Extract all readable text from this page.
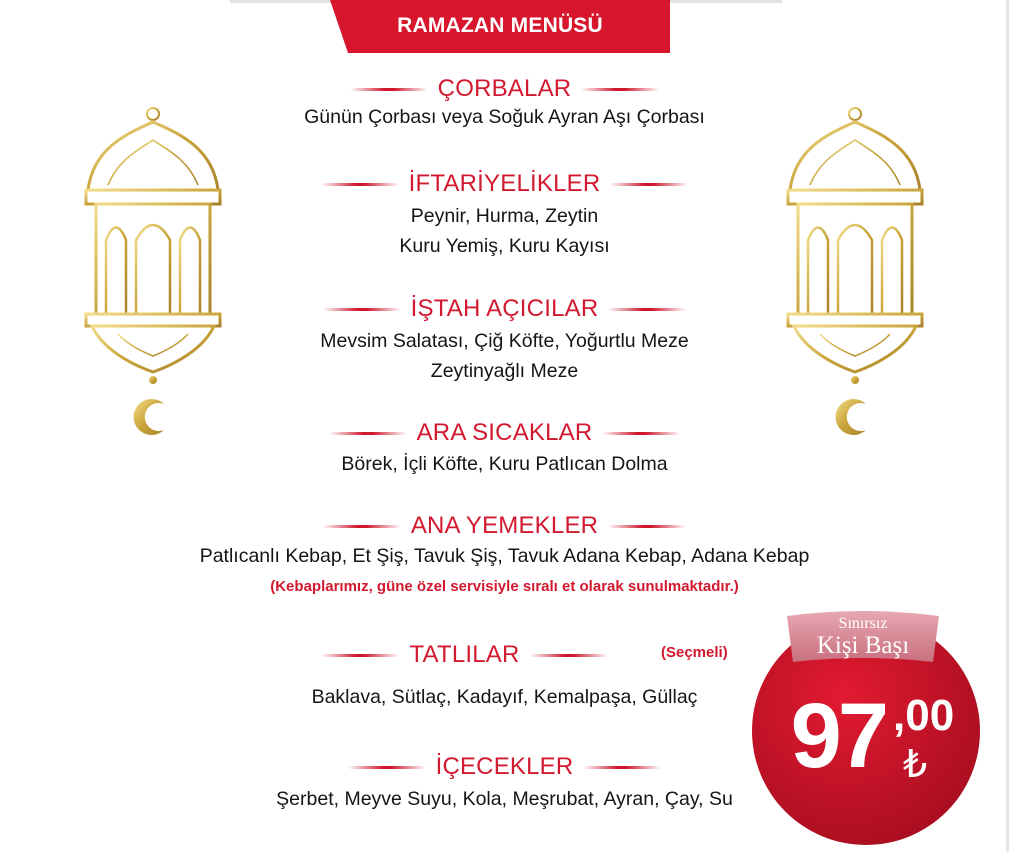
RAMAZAN MENÜSÜ
ÇORBALAR
Günün Çorbası veya Soğuk Ayran Aşı Çorbası
İFTARİYELİKLER
Peynir, Hurma, Zeytin
Kuru Yemiş, Kuru Kayısı
İŞTAH AÇICILAR
Mevsim Salatası, Çiğ Köfte, Yoğurtlu Meze
Zeytinyağlı Meze
ARA SICAKLAR
Börek, İçli Köfte, Kuru Patlıcan Dolma
ANA YEMEKLER
Patlıcanlı Kebap, Et Şiş, Tavuk Şiş, Tavuk Adana Kebap, Adana Kebap
(Kebaplarımız, güne özel servisiyle sıralı et olarak sunulmaktadır.)
TATLILAR	(Seçmeli)
Baklava, Sütlaç, Kadayıf, Kemalpaşa, Güllaç
İÇECEKLER
Şerbet, Meyve Suyu, Kola, Meşrubat, Ayran, Çay, Su
Sınırsız
Kişi Başı
97 ,00
₺
